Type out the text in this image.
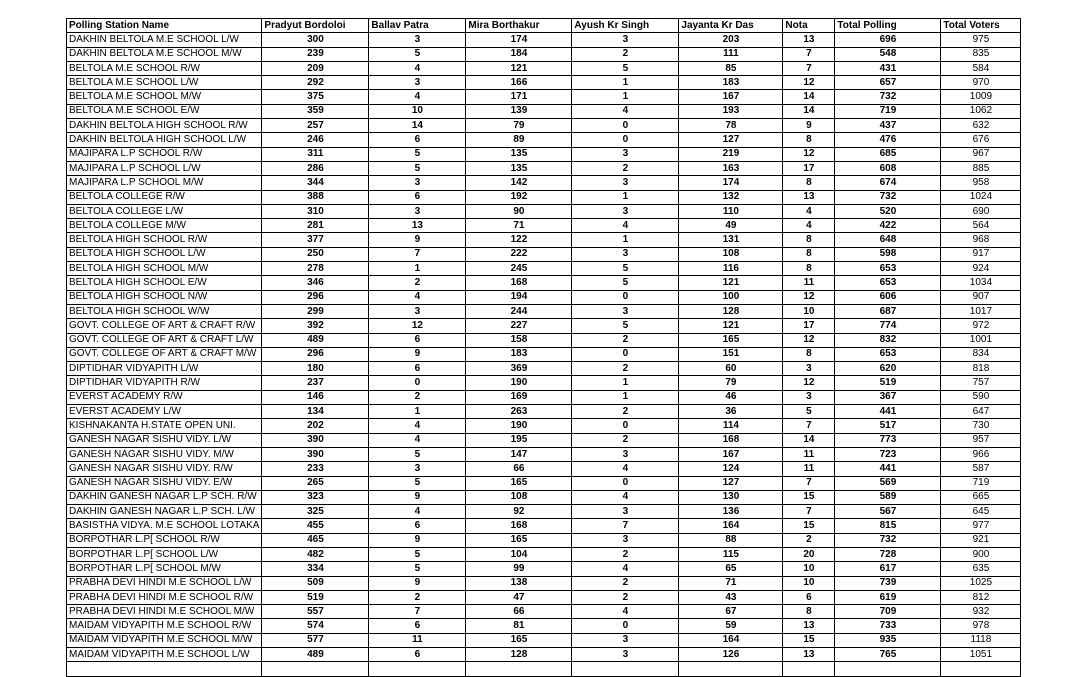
Polling Station Name	Pradyut Bordoloi	Ballav Patra	Mira Borthakur	Ayush Kr Singh	Jayanta Kr Das	Nota	Total Polling	Total Voters
DAKHIN BELTOLA M.E SCHOOL L/W	300	3	174	3	203	13	696	975
DAKHIN BELTOLA M.E SCHOOL M/W	239	5	184	2	111	7	548	835
BELTOLA M.E SCHOOL R/W	209	4	121	5	85	7	431	584
BELTOLA M.E SCHOOL L/W	292	3	166	1	183	12	657	970
BELTOLA M.E SCHOOL M/W	375	4	171	1	167	14	732	1009
BELTOLA M.E SCHOOL E/W	359	10	139	4	193	14	719	1062
DAKHIN BELTOLA HIGH SCHOOL R/W	257	14	79	0	78	9	437	632
DAKHIN BELTOLA HIGH SCHOOL L/W	246	6	89	0	127	8	476	676
MAJIPARA L.P SCHOOL R/W	311	5	135	3	219	12	685	967
MAJIPARA L.P SCHOOL L/W	286	5	135	2	163	17	608	885
MAJIPARA L.P SCHOOL M/W	344	3	142	3	174	8	674	958
BELTOLA COLLEGE R/W	388	6	192	1	132	13	732	1024
BELTOLA COLLEGE L/W	310	3	90	3	110	4	520	690
BELTOLA COLLEGE M/W	281	13	71	4	49	4	422	564
BELTOLA HIGH SCHOOL R/W	377	9	122	1	131	8	648	968
BELTOLA HIGH SCHOOL L/W	250	7	222	3	108	8	598	917
BELTOLA HIGH SCHOOL M/W	278	1	245	5	116	8	653	924
BELTOLA HIGH SCHOOL E/W	346	2	168	5	121	11	653	1034
BELTOLA HIGH SCHOOL N/W	296	4	194	0	100	12	606	907
BELTOLA HIGH SCHOOL W/W	299	3	244	3	128	10	687	1017
GOVT. COLLEGE OF ART & CRAFT R/W	392	12	227	5	121	17	774	972
GOVT. COLLEGE OF ART & CRAFT L/W	489	6	158	2	165	12	832	1001
GOVT. COLLEGE OF ART & CRAFT M/W	296	9	183	0	151	8	653	834
DIPTIDHAR VIDYAPITH L/W	180	6	369	2	60	3	620	818
DIPTIDHAR VIDYAPITH R/W	237	0	190	1	79	12	519	757
EVERST ACADEMY R/W	146	2	169	1	46	3	367	590
EVERST ACADEMY L/W	134	1	263	2	36	5	441	647
KISHNAKANTA H.STATE OPEN UNI.	202	4	190	0	114	7	517	730
GANESH NAGAR SISHU VIDY. L/W	390	4	195	2	168	14	773	957
GANESH NAGAR SISHU VIDY. M/W	390	5	147	3	167	11	723	966
GANESH NAGAR SISHU VIDY. R/W	233	3	66	4	124	11	441	587
GANESH NAGAR SISHU VIDY. E/W	265	5	165	0	127	7	569	719
DAKHIN GANESH NAGAR L.P SCH. R/W	323	9	108	4	130	15	589	665
DAKHIN GANESH NAGAR L.P SCH. L/W	325	4	92	3	136	7	567	645
BASISTHA VIDYA. M.E SCHOOL LOTAKA	455	6	168	7	164	15	815	977
BORPOTHAR L.P[ SCHOOL R/W	465	9	165	3	88	2	732	921
BORPOTHAR L.P[ SCHOOL L/W	482	5	104	2	115	20	728	900
BORPOTHAR L.P[ SCHOOL M/W	334	5	99	4	65	10	617	635
PRABHA DEVI HINDI M.E SCHOOL L/W	509	9	138	2	71	10	739	1025
PRABHA DEVI HINDI M.E SCHOOL R/W	519	2	47	2	43	6	619	812
PRABHA DEVI HINDI M.E SCHOOL M/W	557	7	66	4	67	8	709	932
MAIDAM VIDYAPITH M.E SCHOOL R/W	574	6	81	0	59	13	733	978
MAIDAM VIDYAPITH M.E SCHOOL M/W	577	11	165	3	164	15	935	1118
MAIDAM VIDYAPITH M.E SCHOOL L/W	489	6	128	3	126	13	765	1051
